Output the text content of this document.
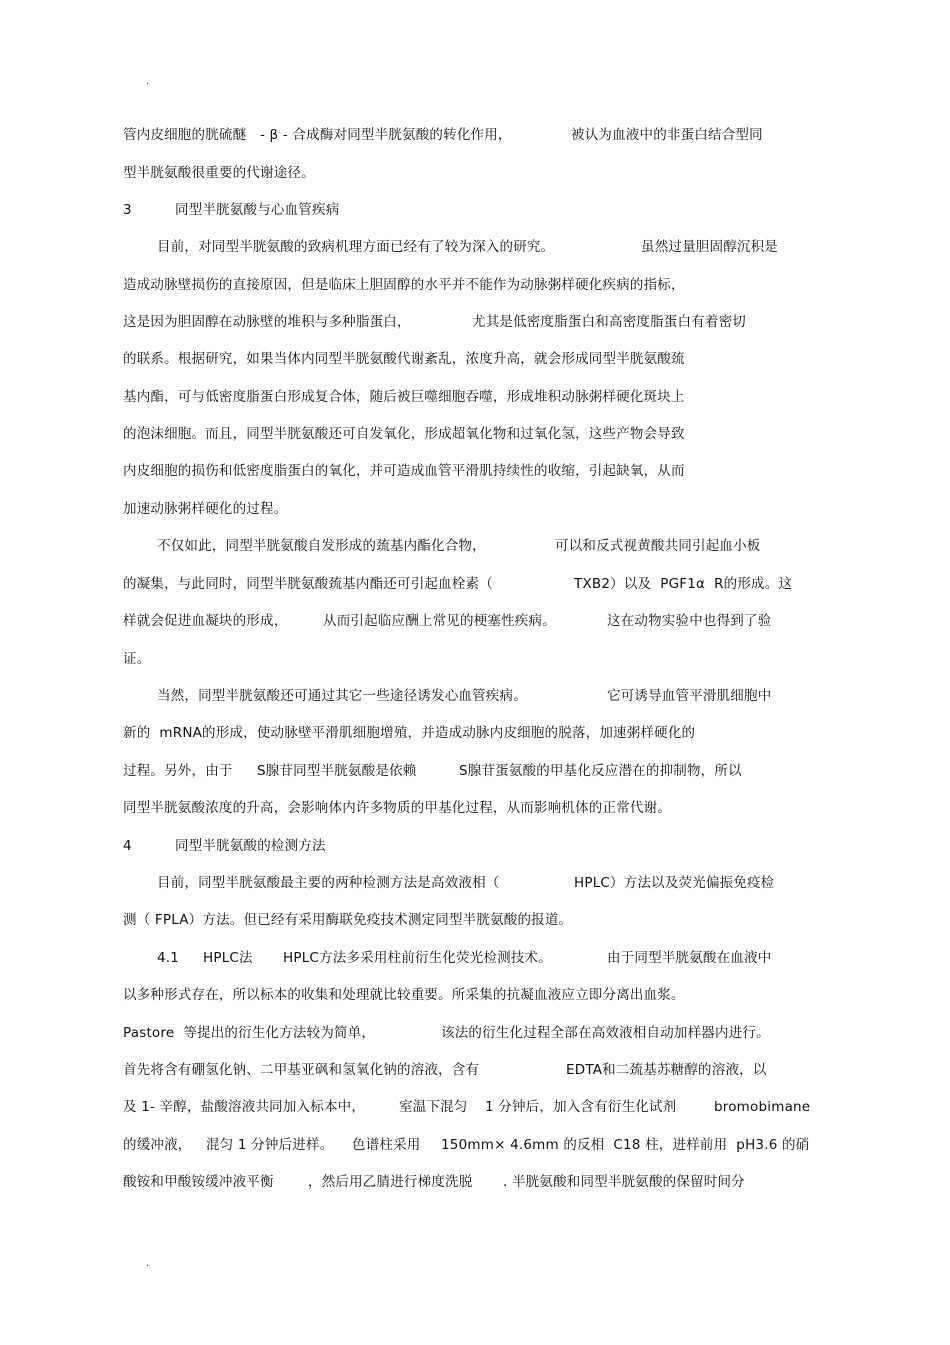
.

管内皮细胞的胱硫醚　- β - 合成酶对同型半胱氨酸的转化作用，

	被认为血液中的非蛋白结合型同

型半胱氨酸很重要的代谢途径。

3

	同型半胱氨酸与心血管疾病

目前，对同型半胱氨酸的致病机理方面已经有了较为深入的研究。

	虽然过量胆固醇沉积是

造成动脉壁损伤的直接原因，但是临床上胆固醇的水平并不能作为动脉粥样硬化疾病的指标，

这是因为胆固醇在动脉壁的堆积与多种脂蛋白，

	尤其是低密度脂蛋白和高密度脂蛋白有着密切

的联系。根据研究，如果当体内同型半胱氨酸代谢紊乱，浓度升高，就会形成同型半胱氨酸巯

基内酯，可与低密度脂蛋白形成复合体，随后被巨噬细胞吞噬，形成堆积动脉粥样硬化斑块上

的泡沫细胞。而且，同型半胱氨酸还可自发氧化，形成超氧化物和过氧化氢，这些产物会导致

内皮细胞的损伤和低密度脂蛋白的氧化，并可造成血管平滑肌持续性的收缩，引起缺氧，从而

加速动脉粥样硬化的过程。

不仅如此，同型半胱氨酸自发形成的巯基内酯化合物，

	可以和反式视黄酸共同引起血小板

的凝集，与此同时，同型半胱氨酸巯基内酯还可引起血栓素（

	TXB2）以及  PGF1α  R的形成。这

样就会促进血凝块的形成，

	从而引起临应酬上常见的梗塞性疾病。

	这在动物实验中也得到了验

证。

当然，同型半胱氨酸还可通过其它一些途径诱发心血管疾病。

	它可诱导血管平滑肌细胞中

新的  mRNA的形成，使动脉壁平滑肌细胞增殖，并造成动脉内皮细胞的脱落，加速粥样硬化的

过程。另外，由于

S腺苷同型半胱氨酸是依赖

	S腺苷蛋氨酸的甲基化反应潜在的抑制物，所以

同型半胱氨酸浓度的升高，会影响体内许多物质的甲基化过程，从而影响机体的正常代谢。

4

	同型半胱氨酸的检测方法

目前，同型半胱氨酸最主要的两种检测方法是高效液相（

	HPLC）方法以及荧光偏振免疫检

测（ FPLA）方法。但已经有采用酶联免疫技术测定同型半胱氨酸的报道。

4.1

HPLC法

HPLC方法多采用柱前衍生化荧光检测技术。

	由于同型半胱氨酸在血液中

以多种形式存在，所以标本的收集和处理就比较重要。所采集的抗凝血液应立即分离出血浆。

Pastore  等提出的衍生化方法较为简单，

	该法的衍生化过程全部在高效液相自动加样器内进行。

首先将含有硼氢化钠、二甲基亚砜和氢氧化钠的溶液，含有

	EDTA和二巯基苏糖醇的溶液，以

及 1- 辛醇，盐酸溶液共同加入标本中，

	室温下混匀

1 分钟后，加入含有衍生化试剂

	bromobimane

的缓冲液，

混匀 1 分钟后进样。

色谱柱采用

150mm× 4.6mm 的反相  C18 柱，进样前用  pH3.6 的硝

酸铵和甲酸铵缓冲液平衡

	，然后用乙腈进行梯度洗脱

. 半胱氨酸和同型半胱氨酸的保留时间分

.
